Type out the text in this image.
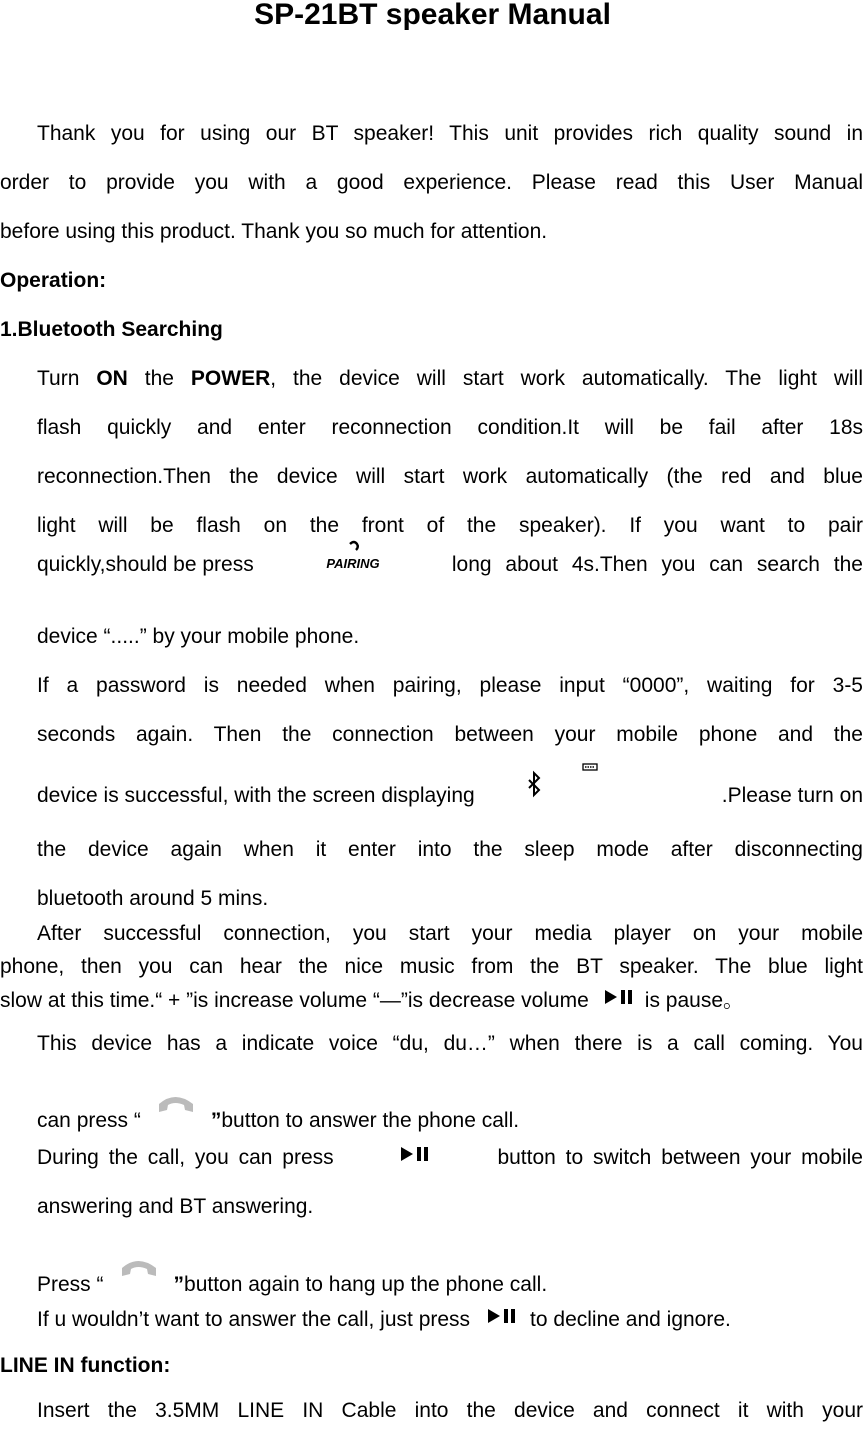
SP-21BT speaker Manual
Thank you for using our BT speaker! This unit provides rich quality sound in
order to provide you with a good experience. Please read this User Manual
before using this product. Thank you so much for attention.
Operation:
1.Bluetooth Searching
Turn ON the POWER, the device will start work automatically. The light will
flash quickly and enter reconnection condition.It will be fail after 18s
reconnection.Then the device will start work automatically (the red and blue
light will be flash on the front of the speaker). If you want to pair
quickly,should be press	PAIRING	long about 4s.Then you can search the
device “.....” by your mobile phone.
If a password is needed when pairing, please input “0000”, waiting for 3-5
seconds again. Then the connection between your mobile phone and the
device is successful, with the screen displaying	.Please turn on
the device again when it enter into the sleep mode after disconnecting
bluetooth around 5 mins.
After successful connection, you start your media player on your mobile
phone, then you can hear the nice music from the BT speaker. The blue light
slow at this time.“ + ”is increase volume “—”is decrease volume	is pause。
This device has a indicate voice “du, du…” when there is a call coming. You
can press “	” button to answer the phone call.
During the call, you can press	button to switch between your mobile
answering and BT answering.
Press “	” button again to hang up the phone call.
If u wouldn’t want to answer the call, just press	to decline and ignore.
LINE IN function:
Insert the 3.5MM LINE IN Cable into the device and connect it with your
